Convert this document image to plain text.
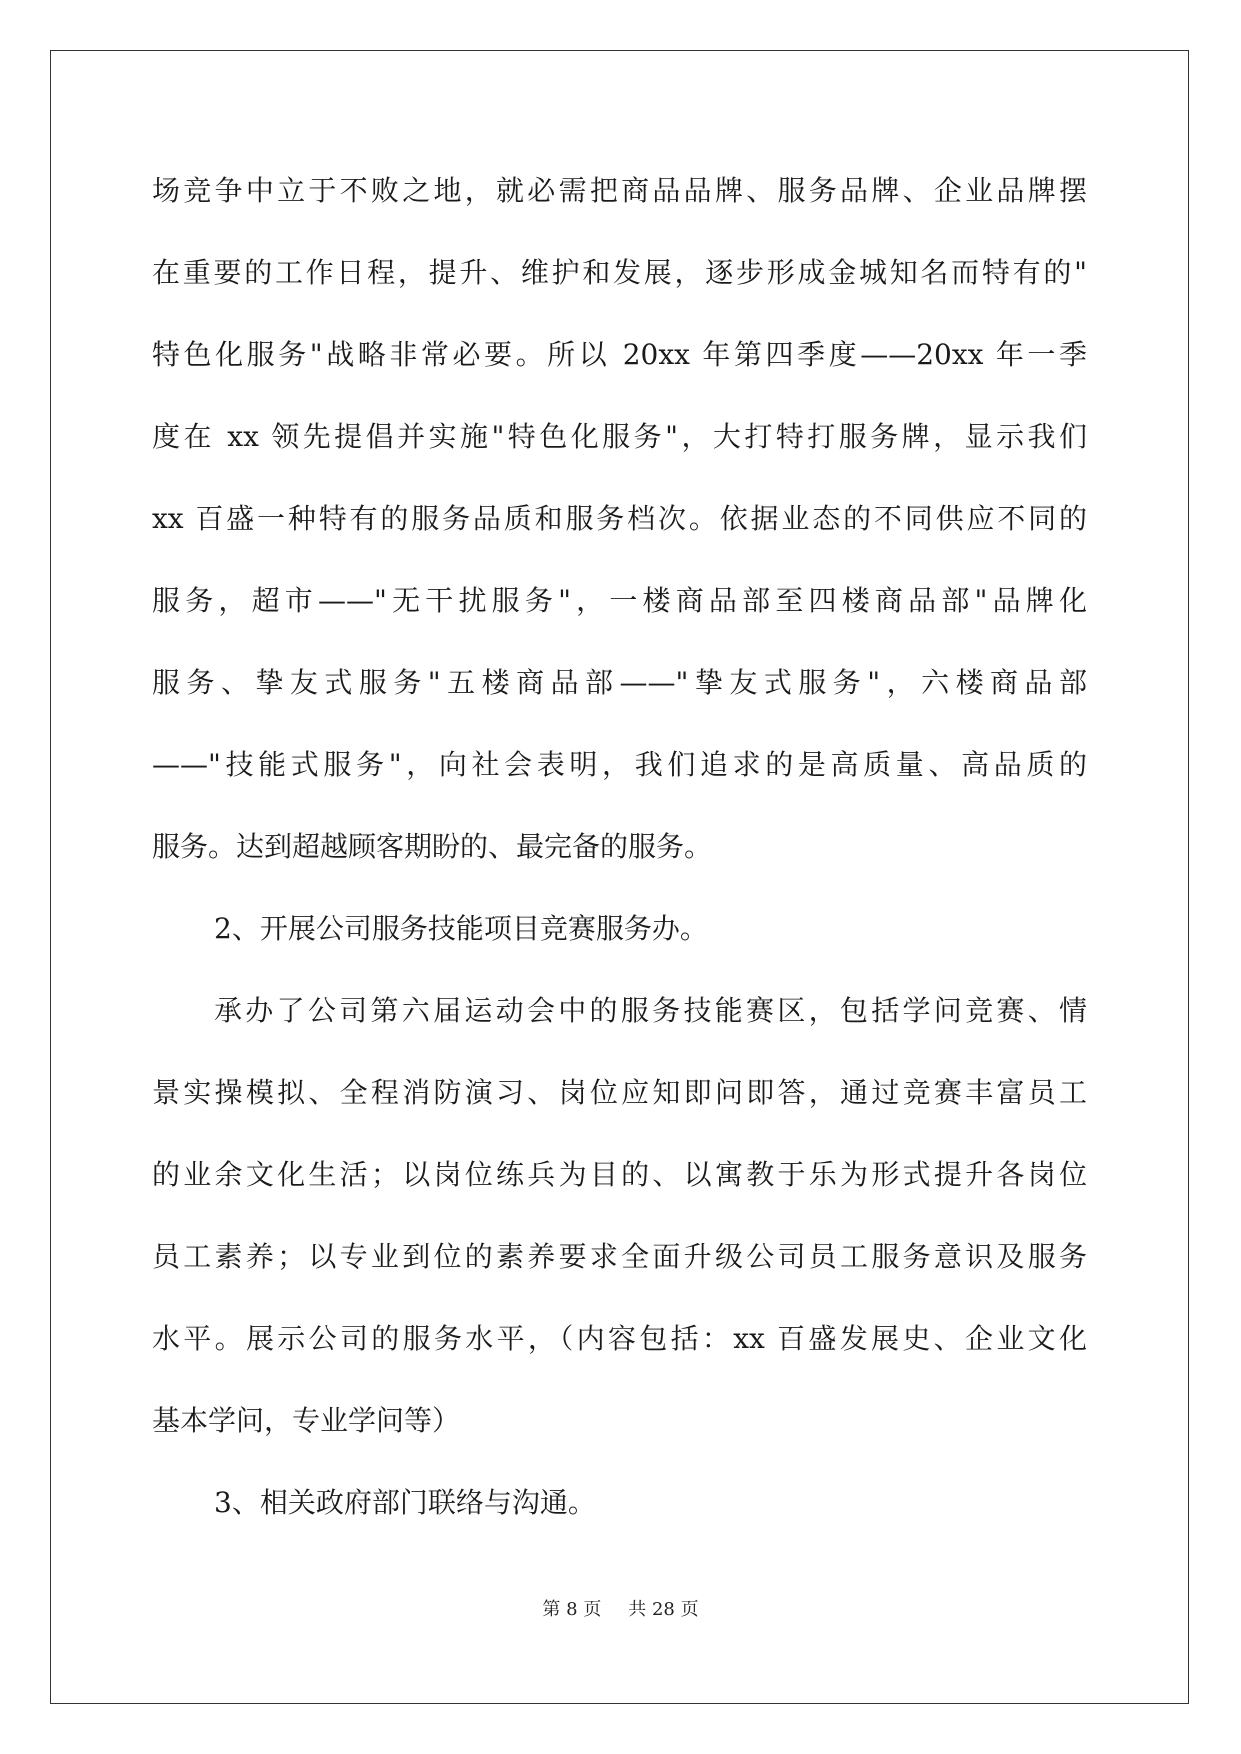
场竞争中立于不败之地，就必需把商品品牌、服务品牌、企业品牌摆
在重要的工作日程，提升、维护和发展，逐步形成金城知名而特有的"
特色化服务"战略非常必要。所以 20xx 年第四季度——20xx 年一季
度在 xx 领先提倡并实施"特色化服务"，大打特打服务牌，显示我们
xx 百盛一种特有的服务品质和服务档次。依据业态的不同供应不同的
服务，超市——"无干扰服务"，一楼商品部至四楼商品部"品牌化
服务、挚友式服务"五楼商品部——"挚友式服务"，六楼商品部
——"技能式服务"，向社会表明，我们追求的是高质量、高品质的
服务。达到超越顾客期盼的、最完备的服务。
2、开展公司服务技能项目竞赛服务办。
承办了公司第六届运动会中的服务技能赛区，包括学问竞赛、情
景实操模拟、全程消防演习、岗位应知即问即答，通过竞赛丰富员工
的业余文化生活；以岗位练兵为目的、以寓教于乐为形式提升各岗位
员工素养；以专业到位的素养要求全面升级公司员工服务意识及服务
水平。展示公司的服务水平，（内容包括：xx 百盛发展史、企业文化
基本学问，专业学问等）
3、相关政府部门联络与沟通。
第 8 页 共 28 页
